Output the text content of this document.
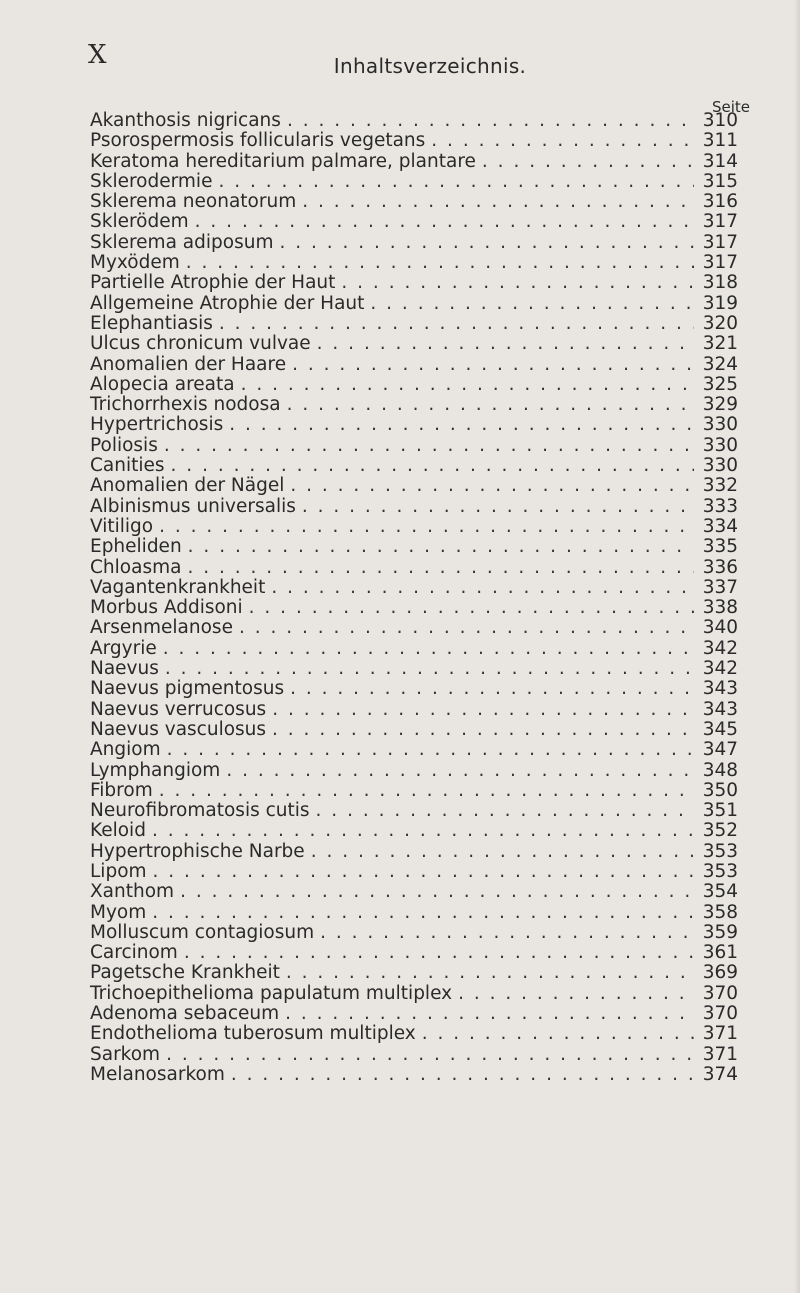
X	Inhaltsverzeichnis.
Seite
Akanthosis nigricans . . .	310
Psorospermosis follicularis vegetans . . .	311
Keratoma hereditarium palmare, plantare . . .	314
Sklerodermie . . .	315
Sklerema neonatorum . . .	316
Sklerödem . . .	317
Sklerema adiposum . . .	317
Myxödem . . .	317
Partielle Atrophie der Haut . . .	318
Allgemeine Atrophie der Haut . . .	319
Elephantiasis . . .	320
Ulcus chronicum vulvae . . .	321
Anomalien der Haare . . .	324
Alopecia areata . . .	325
Trichorrhexis nodosa . . .	329
Hypertrichosis . . .	330
Poliosis . . .	330
Canities . . .	330
Anomalien der Nägel . . .	332
Albinismus universalis . . .	333
Vitiligo . . .	334
Epheliden . . .	335
Chloasma . . .	336
Vagantenkrankheit . . .	337
Morbus Addisoni . . .	338
Arsenmelanose . . .	340
Argyrie . . .	342
Naevus . . .	342
Naevus pigmentosus . . .	343
Naevus verrucosus . . .	343
Naevus vasculosus . . .	345
Angiom . . .	347
Lymphangiom . . .	348
Fibrom . . .	350
Neurofibromatosis cutis . . .	351
Keloid . . .	352
Hypertrophische Narbe . . .	353
Lipom . . .	353
Xanthom . . .	354
Myom . . .	358
Molluscum contagiosum . . .	359
Carcinom . . .	361
Pagetsche Krankheit . . .	369
Trichoepithelioma papulatum multiplex . . .	370
Adenoma sebaceum . . .	370
Endothelioma tuberosum multiplex . . .	371
Sarkom . . .	371
Melanosarkom . . .	374
